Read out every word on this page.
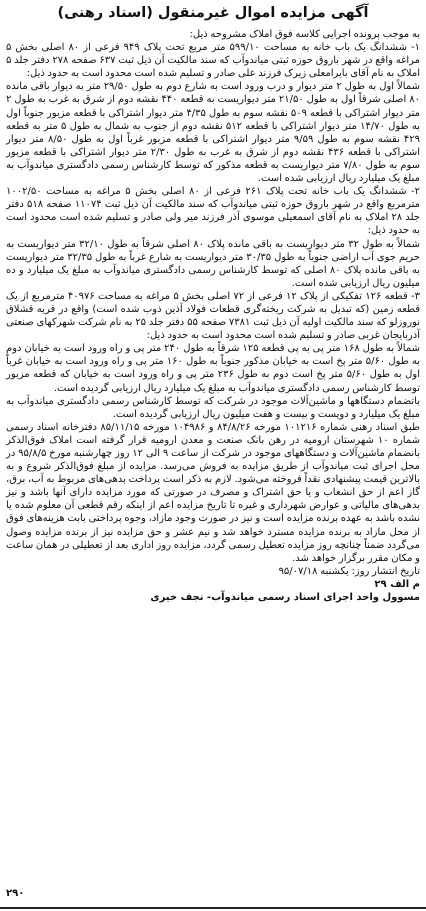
آگهی مزایده اموال غیرمنقول (اسناد رهنی)

به موجب پرونده اجرایی کلاسه فوق املاک مشروحه ذیل:

۱- ششدانگ یک باب خانه به مساحت ۵۹۹/۱۰ متر مربع تحت پلاک ۹۴۹ فرعی از ۸۰ اصلی بخش ۵ مراغه واقع در شهر باروق حوزه ثبتی میاندوآب که سند مالکیت آن ذیل ثبت ۶۳۷ صفحه ۲۷۸ دفتر جلد ۵ املاک به نام آقای بایرامعلی زیرک فرزند علی صادر و تسلیم شده است محدود است به حدود ذیل:

شمالاً اول به طول ۲ متر دیوار و درب ورود است به شارع دوم به طول ۲۹/۵۰ متر به دیوار باقی مانده ۸۰ اصلی شرقاً اول به طول ۲۱/۵۰ متر دیواریست به قطعه ۴۴۰ نقشه دوم از شرق به غرب به طول ۲ متر دیوار اشتراکی با قطعه ۵۰۹ نقشه سوم به طول ۴/۳۵ متر دیوار اشتراکی با قطعه مزبور جنوباً اول به طول ۱۴/۷۰ متر دیوار اشتراکی با قطعه ۵۱۲ نقشه دوم از جنوب به شمال به طول ۵ متر به قطعه ۴۲۹ نقشه سوم به طول ۹/۵۹ متر دیوار اشتراکی با قطعه مزبور غرباً اول به طول ۸/۵۰ متر دیوار اشتراکی با قطعه ۴۳۶ نقشه دوم از شرق به غرب به طول ۲/۳۰ متر دیوار اشتراکی با قطعه مزبور سوم به طول ۷/۸۰ متر دیواریست به قطعه مذکور که توسط کارشناس رسمی دادگستری میاندوآب به مبلغ یک میلیارد ریال ارزیابی شده است.

۲- ششدانگ یک باب خانه تحت پلاک ۲۶۱ فرعی از ۸۰ اصلی بخش ۵ مراغه به مساحت ۱۰۰۲/۵۰ مترمربع واقع در شهر باروق حوزه ثبتی میاندوآب که سند مالکیت آن ذیل ثبت ۱۱۰۷۴ صفحه ۵۱۸ دفتر جلد ۲۸ املاک به نام آقای اسمعیلی موسوی آذر فرزند میر ولی صادر و تسلیم شده است محدود است به حدود ذیل:

شمالاً به طول ۳۲ متر دیواریست به باقی مانده پلاک ۸۰ اصلی شرقاً به طول ۳۲/۱۰ متر دیواریست به حریم جوی آب اراضی جنوباً به طول ۳۰/۳۵ متر دیواریست به شارع غرباً به طول ۳۲/۳۵ متر دیواریست به باقی مانده پلاک ۸۰ اصلی که توسط کارشناس رسمی دادگستری میاندوآب به مبلغ یک میلیارد و ده میلیون ریال ارزیابی شده است.

۳- قطعه ۱۲۶ تفکیکی از پلاک ۱۲ فرعی از ۷۲ اصلی بخش ۵ مراغه به مساحت ۴۰۹۷۶ مترمربع از یک قطعه زمین (که تبدیل به شرکت ریخته‌گری قطعات فولاد آذین ذوب شده است) واقع در قریه قشلاق نوروزلو که سند مالکیت اولیه آن ذیل ثبت ۷۳۸۱ صفحه ۵۵ دفتر جلد ۲۵ به نام شرکت شهرکهای صنعتی آذربایجان غربی صادر و تسلیم شده است محدود است به حدود ذیل:

شمالاً به طول ۱۶۸ متر پی به پی قطعه ۱۲۵ شرقاً به طول ۲۴۰ متر پی و راه ورود است به خیابان دوم به طول ۵/۶۰ متر پخ است به خیابان مذکور جنوباً به طول ۱۶۰ متر پی و راه ورود است به خیابان غرباً اول به طول ۵/۶۰ متر پخ است دوم به طول ۲۳۶ متر پی و راه ورود است به خیابان که قطعه مزبور توسط کارشناس رسمی دادگستری میاندوآب به مبلغ یک میلیارد ریال ارزیابی گردیده است.

باتضمام دستگاهها و ماشین‌آلات موجود در شرکت که توسط کارشناس رسمی دادگستری میاندوآب به مبلغ یک میلیارد و دویست و بیست و هفت میلیون ریال ارزیابی گردیده است.

طبق اسناد رهنی شماره ۱۰۱۲۱۶ مورخه ۸۴/۸/۲۶ و ۱۰۴۹۸۶ مورخه ۸۵/۱۱/۱۵ دفترخانه اسناد رسمی شماره ۱۰ شهرستان ارومیه در رهن بانک صنعت و معدن ارومیه قرار گرفته است املاک فوق‌الذکر بانضمام ماشین‌آلات و دستگاههای موجود در شرکت از ساعت ۹ الی ۱۲ روز چهارشنبه مورخ ۹۵/۸/۵ در محل اجرای ثبت میاندوآب از طریق مزایده به فروش می‌رسد. مزایده از مبلغ فوق‌الذکر شروع و به بالاترین قیمت پیشنهادی نقداً فروخته می‌شود. لازم به ذکر است پرداخت بدهی‌های مربوط به آب، برق، گاز اعم از حق انشعاب و یا حق اشتراک و مصرف در صورتی که مورد مزایده دارای آنها باشد و نیز بدهی‌های مالیاتی و عوارض شهرداری و غیره تا تاریخ مزایده اعم از اینکه رقم قطعی آن معلوم شده یا نشده باشد به عهده برنده مزایده است و نیز در صورت وجود مازاد، وجوه پرداختی بابت هزینه‌های فوق از محل مازاد به برنده مزایده مسترد خواهد شد و نیم عشر و حق مزایده نیز از برنده مزایده وصول می‌گردد ضمناً چنانچه روز مزایده تعطیل رسمی گردد، مزایده روز اداری بعد از تعطیلی در همان ساعت و مکان مقرر برگزار خواهد شد.

تاریخ انتشار روز: یکشنبه ۹۵/۰۷/۱۸
م الف ۲۹
مسوول واحد اجرای اسناد رسمی میاندوآب- نجف خیری
۲۹۰
